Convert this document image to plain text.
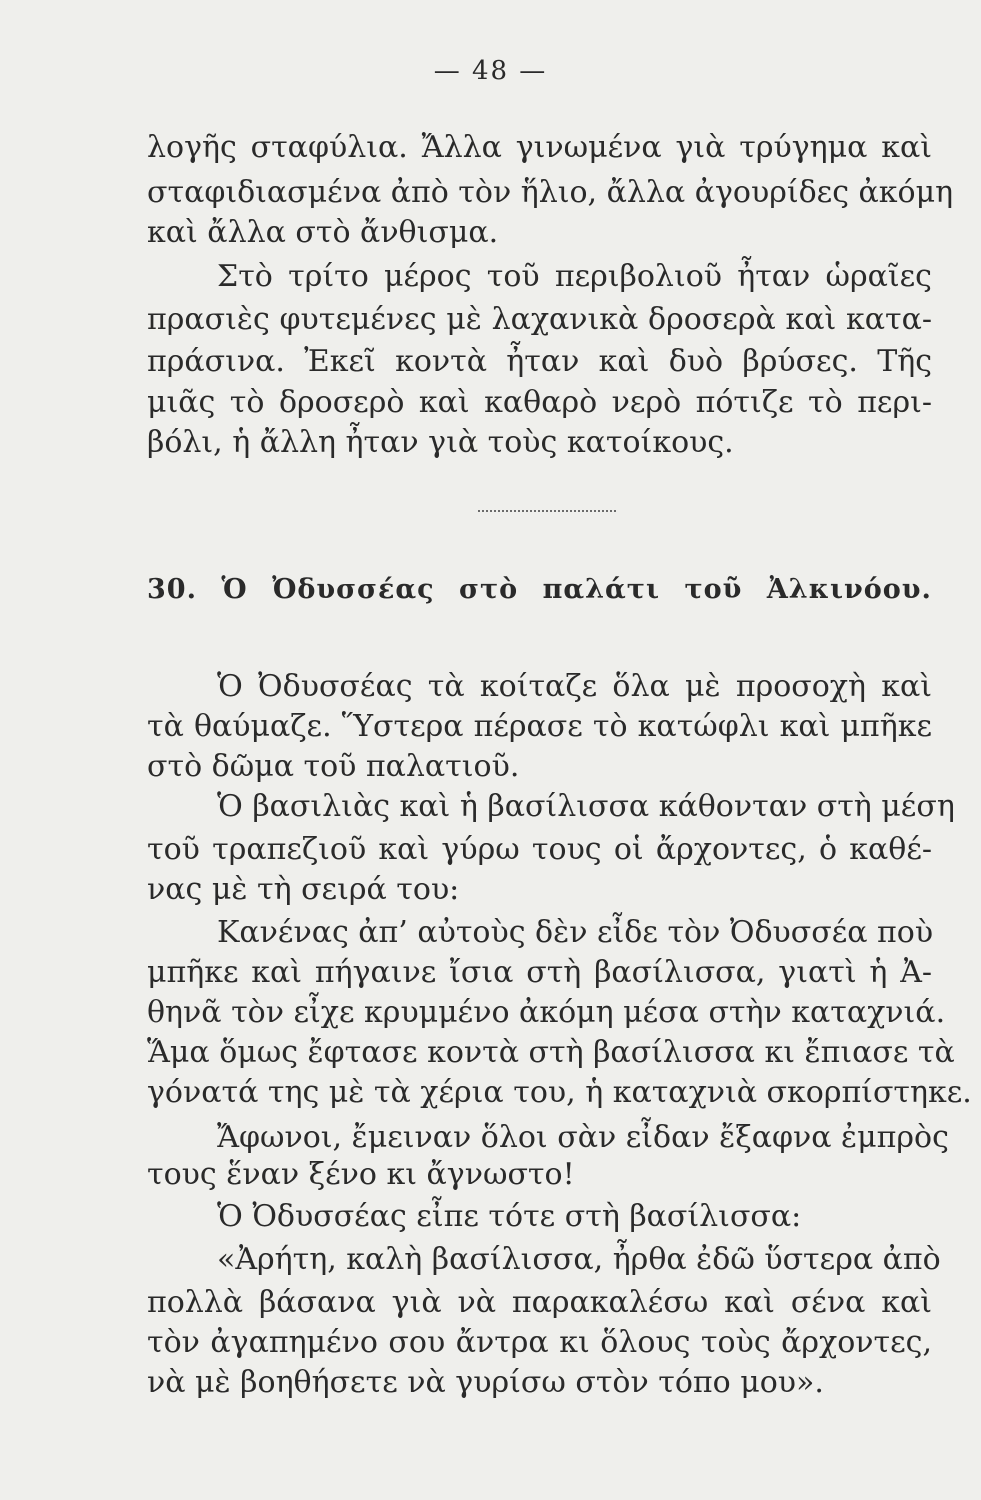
— 48 —
λογῆς σταφύλια. Ἄλλα γινωμένα γιὰ τρύγημα καὶ
σταφιδιασμένα ἀπὸ τὸν ἥλιο, ἄλλα ἀγουρίδες ἀκόμη
καὶ ἄλλα στὸ ἄνθισμα.
Στὸ τρίτο μέρος τοῦ περιβολιοῦ ἦταν ὡραῖες
πρασιὲς φυτεμένες μὲ λαχανικὰ δροσερὰ καὶ κατα-
πράσινα. Ἐκεῖ κοντὰ ἦταν καὶ δυὸ βρύσες. Τῆς
μιᾶς τὸ δροσερὸ καὶ καθαρὸ νερὸ πότιζε τὸ περι-
βόλι, ἡ ἄλλη ἦταν γιὰ τοὺς κατοίκους.
30. Ὁ Ὀδυσσέας στὸ παλάτι τοῦ Ἀλκινόου.
Ὁ Ὀδυσσέας τὰ κοίταζε ὅλα μὲ προσοχὴ καὶ
τὰ θαύμαζε. Ὕστερα πέρασε τὸ κατώφλι καὶ μπῆκε
στὸ δῶμα τοῦ παλατιοῦ.
Ὁ βασιλιὰς καὶ ἡ βασίλισσα κάθονταν στὴ μέση
τοῦ τραπεζιοῦ καὶ γύρω τους οἱ ἄρχοντες, ὁ καθέ-
νας μὲ τὴ σειρά του:
Κανένας ἀπ’ αὐτοὺς δὲν εἶδε τὸν Ὀδυσσέα ποὺ
μπῆκε καὶ πήγαινε ἴσια στὴ βασίλισσα, γιατὶ ἡ Ἀ-
θηνᾶ τὸν εἶχε κρυμμένο ἀκόμη μέσα στὴν καταχνιά.
Ἅμα ὅμως ἔφτασε κοντὰ στὴ βασίλισσα κι ἔπιασε τὰ
γόνατά της μὲ τὰ χέρια του, ἡ καταχνιὰ σκορπίστηκε.
Ἄφωνοι, ἔμειναν ὅλοι σὰν εἶδαν ἔξαφνα ἐμπρὸς
τους ἕναν ξένο κι ἄγνωστο!
Ὁ Ὀδυσσέας εἶπε τότε στὴ βασίλισσα:
«Ἀρήτη, καλὴ βασίλισσα, ἦρθα ἐδῶ ὕστερα ἀπὸ
πολλὰ βάσανα γιὰ νὰ παρακαλέσω καὶ σένα καὶ
τὸν ἀγαπημένο σου ἄντρα κι ὅλους τοὺς ἄρχοντες,
νὰ μὲ βοηθήσετε νὰ γυρίσω στὸν τόπο μου».
